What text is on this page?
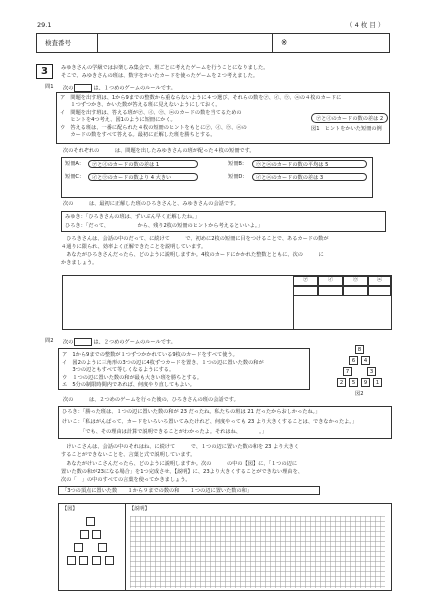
29.1	（ 4 枚 目 ）
検査番号	※
3	みゆきさんの学級ではお楽しみ集会で、班ごとに考えたゲームを行うことになりました。
そこで、みゆきさんの班は、数字をかいたカードを使ったゲームを２つ考えました。
問1 次の	は、１つめのゲームのルールです。
ア　問題を出す班は、1から9までの整数から重ならないように４つ選び、それらの数を㋐、㋑、㋒、㋓の４枚のカードに
　　１つずつかき、かいた数が答える班に見えないようにしておく。
イ　問題を出す班は、答える班が㋐、㋑、㋒、㋓のカードの数を当てるための
　　ヒントを4つ考え、図1のように短冊にかく。
ウ　答える班は、一番に配られた４枚の短冊のヒントをもとに㋐、㋑、㋒、㋓の
　　カードの数をすべて答える。最初に正解した班を勝ちとする。
㋐と㋑のカードの数の差は 2
図1　ヒントをかいた短冊の例
次のそれぞれの　　　は、問題を出したみゆきさんの班が配った４枚の短冊です。
短冊A： ㋐と㋑のカードの数の差は 1	短冊B： ㋒と㋓のカードの数の平均は 5
短冊C： ㋑と㋒のカードの数より 4 大きい	短冊D： ㋑と㋓のカードの数の差は 3
次の　　　は、最初に正解した班のひろきさんと、みゆきさんの会話です。
みゆき：「ひろきさんの班は、ずいぶん早く正解したね。」
ひろき：「だって、　　　　　　から、残り2枚の短冊のヒントから考えるといいよ。」
　ひろきさんは、会話の中のだって、に続けて　　　で、初めに2枚の短冊に目をつけることで、あるカードの数が
４通りに限られ、効率よく正解できたことを説明しています。
　あなたがひろきさんだったら、どのように説明しますか。4枚のカードにかかれた整数とともに、次の　　　に
かきましょう。
㋐	㋑	㋒	㋓
問2 次の	は、２つめのゲームのルールです。
ア　1から9までの整数が１つずつかかれている9枚のカードをすべて使う。
イ　図2のように三角形の3つの辺に4枚ずつカードを置き、１つの辺に置いた数の和が
　　3つの辺ともすべて等しくなるようにする。
ウ　１つの辺に置いた数の和が最も大きい班を勝ちとする。
エ　5分の制限時間内であれば、何度やり直してもよい。
8
6	4
7	3
2	5	9	1
図2
次の　　　は、２つめのゲームを行った後の、ひろきさんの班の会話です。
ひろき：「勝った班は、１つの辺に置いた数の和が 23 だったね。私たちの班は 21 だったからおしかったね。」
けいこ：「私はがんばって、カードをいろいろ置いてみたけれど、何度やっても 23 より大きくすることは、できなかったよ。」
　　　　「でも、その理由は計算で説明できることがわかったよ。それはね、　　　　。」
　けいこさんは、会話の中のそれはね、に続けて　　　で、１つの辺に置いた数の和を 23 より大きく
することができないことを、言葉と式で説明しています。
　あなたがけいこさんだったら、どのように説明しますか。次の　　　の中の【図】に、「１つの辺に
置いた数の和が23になる場合」を1つ完成させ、【説明】に、23より大きくすることができない理由を、
次の「　」の中のすべての言葉を使ってかきましょう。
「3つの頂点に置いた数　　１から９までの数の和　　１つの辺に置いた数の和」
【図】	【説明】
